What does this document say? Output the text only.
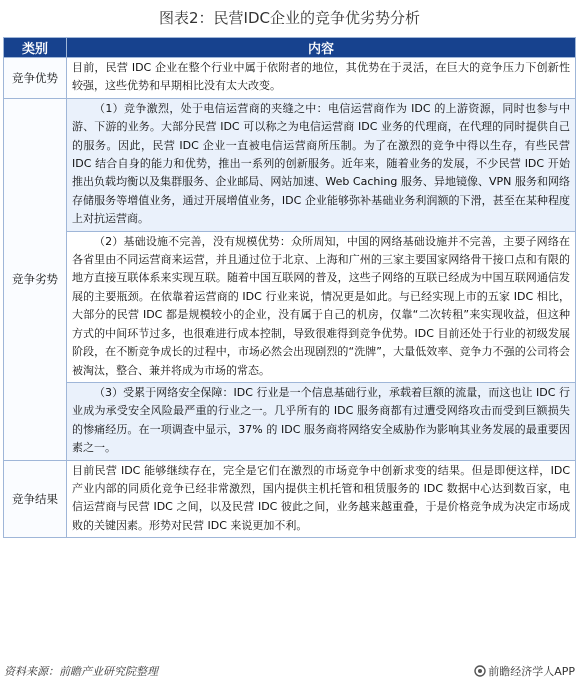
图表2：民营IDC企业的竞争优劣势分析
类别	内容
竞争优势	目前，民营 IDC 企业在整个行业中属于依附者的地位，其优势在于灵活，在巨大的竞争压力下创新性较强，这些优势和早期相比没有太大改变。

竞争劣势	（1）竞争激烈，处于电信运营商的夹缝之中：电信运营商作为 IDC 的上游资源，同时也参与中游、下游的业务。大部分民营 IDC 可以称之为电信运营商 IDC 业务的代理商，在代理的同时提供自己的服务。因此，民营 IDC 企业一直被电信运营商所压制。为了在激烈的竞争中得以生存，有些民营 IDC 结合自身的能力和优势，推出一系列的创新服务。近年来，随着业务的发展，不少民营 IDC 开始推出负载均衡以及集群服务、企业邮局、网站加速、Web Caching 服务、异地镜像、VPN 服务和网络存储服务等增值业务，通过开展增值业务，IDC 企业能够弥补基础业务利润额的下滑，甚至在某种程度上对抗运营商。

	（2）基础设施不完善，没有规模优势：众所周知，中国的网络基础设施并不完善，主要子网络在各省里由不同运营商来运营，并且通过位于北京、上海和广州的三家主要国家网络骨干接口点和有限的地方直接互联体系来实现互联。随着中国互联网的普及，这些子网络的互联已经成为中国互联网通信发展的主要瓶颈。在依靠着运营商的 IDC 行业来说，情况更是如此。与已经实现上市的五家 IDC 相比，大部分的民营 IDC 都是规模较小的企业，没有属于自己的机房，仅靠“二次转租”来实现收益，但这种方式的中间环节过多，也很难进行成本控制，导致很难得到竞争优势。IDC 目前还处于行业的初级发展阶段，在不断竞争成长的过程中，市场必然会出现剧烈的“洗牌”，大量低效率、竞争力不强的公司将会被淘汰，整合、兼并将成为市场的常态。

	（3）受累于网络安全保障：IDC 行业是一个信息基础行业，承载着巨额的流量，而这也让 IDC 行业成为承受安全风险最严重的行业之一。几乎所有的 IDC 服务商都有过遭受网络攻击而受到巨额损失的惨痛经历。在一项调查中显示，37% 的 IDC 服务商将网络安全威胁作为影响其业务发展的最重要因素之一。

竞争结果	目前民营 IDC 能够继续存在，完全是它们在激烈的市场竞争中创新求变的结果。但是即便这样，IDC 产业内部的同质化竞争已经非常激烈，国内提供主机托管和租赁服务的 IDC 数据中心达到数百家，电信运营商与民营 IDC 之间，以及民营 IDC 彼此之间，业务越来越重叠，于是价格竞争成为决定市场成败的关键因素。形势对民营 IDC 来说更加不利。

资料来源：前瞻产业研究院整理	前瞻经济学人APP
